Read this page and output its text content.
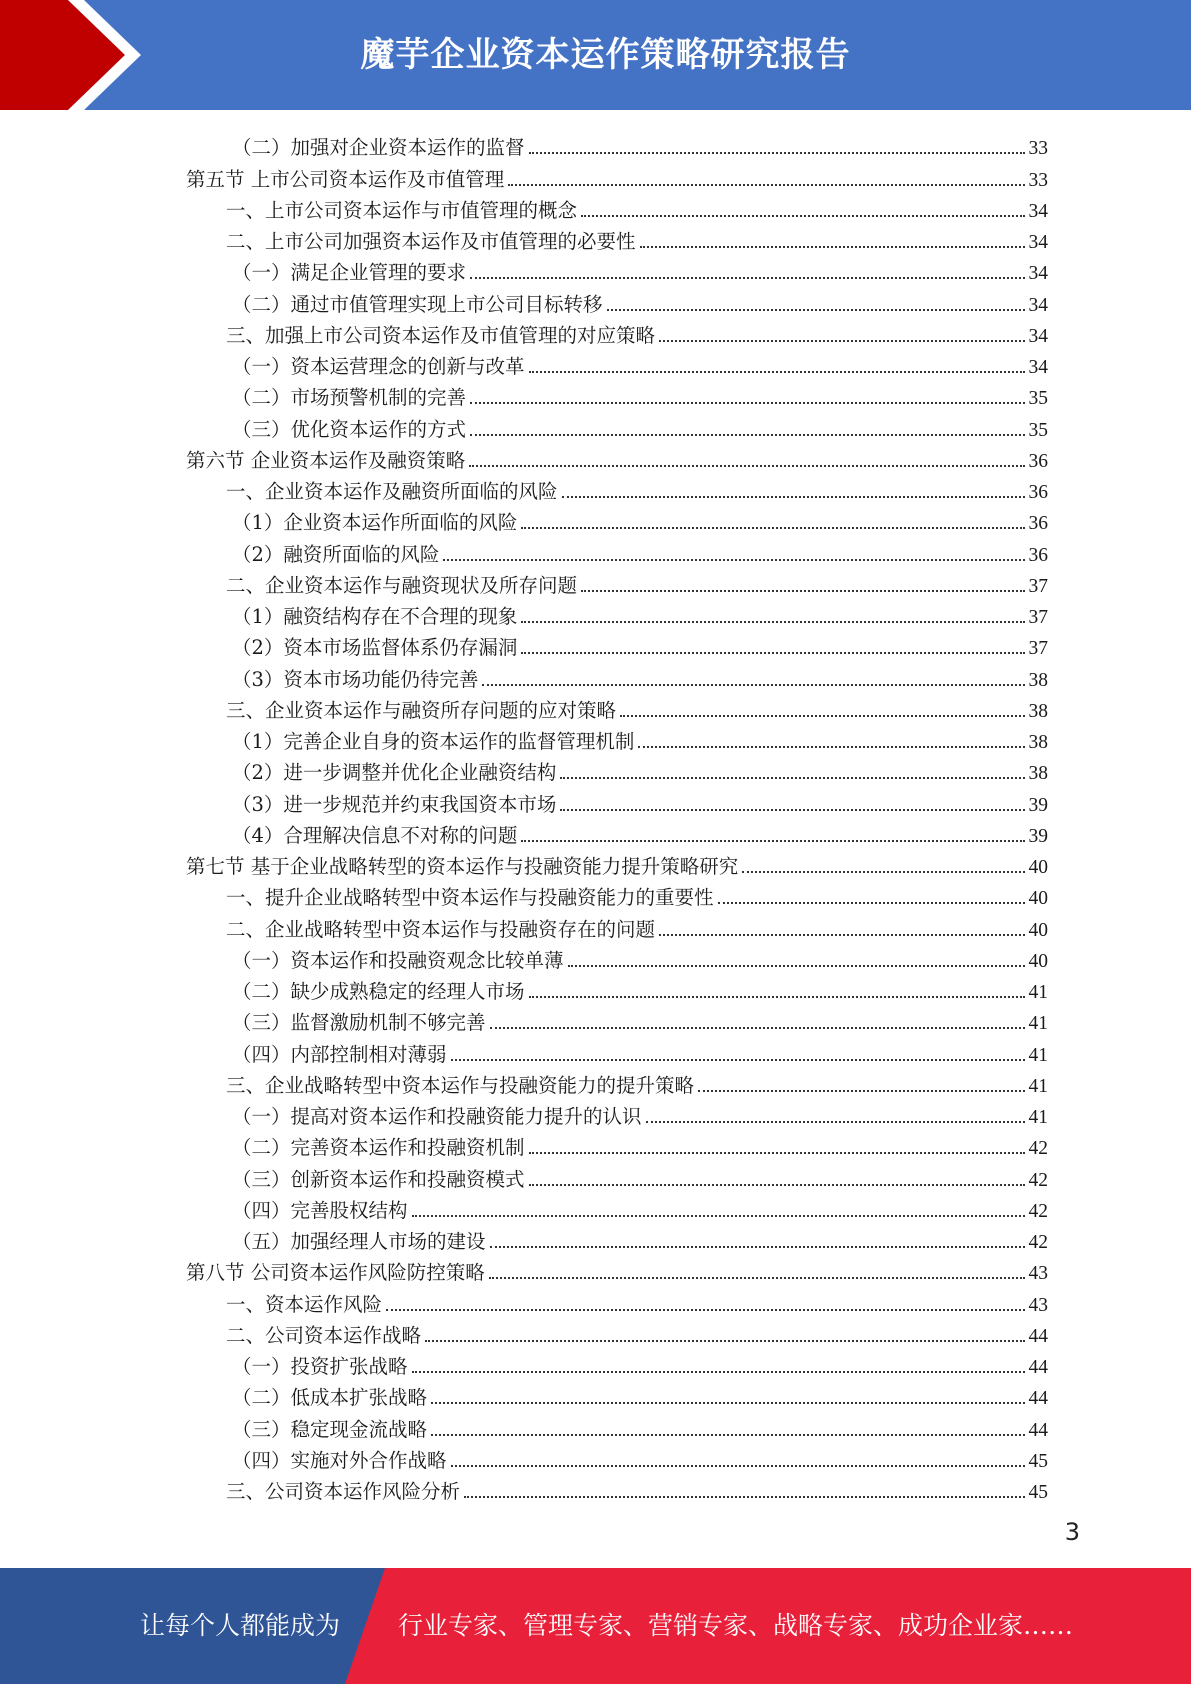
魔芋企业资本运作策略研究报告
（二）加强对企业资本运作的监督	33
第五节 上市公司资本运作及市值管理	33
一、上市公司资本运作与市值管理的概念	34
二、上市公司加强资本运作及市值管理的必要性	34
（一）满足企业管理的要求	34
（二）通过市值管理实现上市公司目标转移	34
三、加强上市公司资本运作及市值管理的对应策略	34
（一）资本运营理念的创新与改革	34
（二）市场预警机制的完善	35
（三）优化资本运作的方式	35
第六节 企业资本运作及融资策略	36
一、企业资本运作及融资所面临的风险	36
（1）企业资本运作所面临的风险	36
（2）融资所面临的风险	36
二、企业资本运作与融资现状及所存问题	37
（1）融资结构存在不合理的现象	37
（2）资本市场监督体系仍存漏洞	37
（3）资本市场功能仍待完善	38
三、企业资本运作与融资所存问题的应对策略	38
（1）完善企业自身的资本运作的监督管理机制	38
（2）进一步调整并优化企业融资结构	38
（3）进一步规范并约束我国资本市场	39
（4）合理解决信息不对称的问题	39
第七节 基于企业战略转型的资本运作与投融资能力提升策略研究	40
一、提升企业战略转型中资本运作与投融资能力的重要性	40
二、企业战略转型中资本运作与投融资存在的问题	40
（一）资本运作和投融资观念比较单薄	40
（二）缺少成熟稳定的经理人市场	41
（三）监督激励机制不够完善	41
（四）内部控制相对薄弱	41
三、企业战略转型中资本运作与投融资能力的提升策略	41
（一）提高对资本运作和投融资能力提升的认识	41
（二）完善资本运作和投融资机制	42
（三）创新资本运作和投融资模式	42
（四）完善股权结构	42
（五）加强经理人市场的建设	42
第八节 公司资本运作风险防控策略	43
一、资本运作风险	43
二、公司资本运作战略	44
（一）投资扩张战略	44
（二）低成本扩张战略	44
（三）稳定现金流战略	44
（四）实施对外合作战略	45
三、公司资本运作风险分析	45
3
让每个人都能成为 行业专家、管理专家、营销专家、战略专家、成功企业家……
